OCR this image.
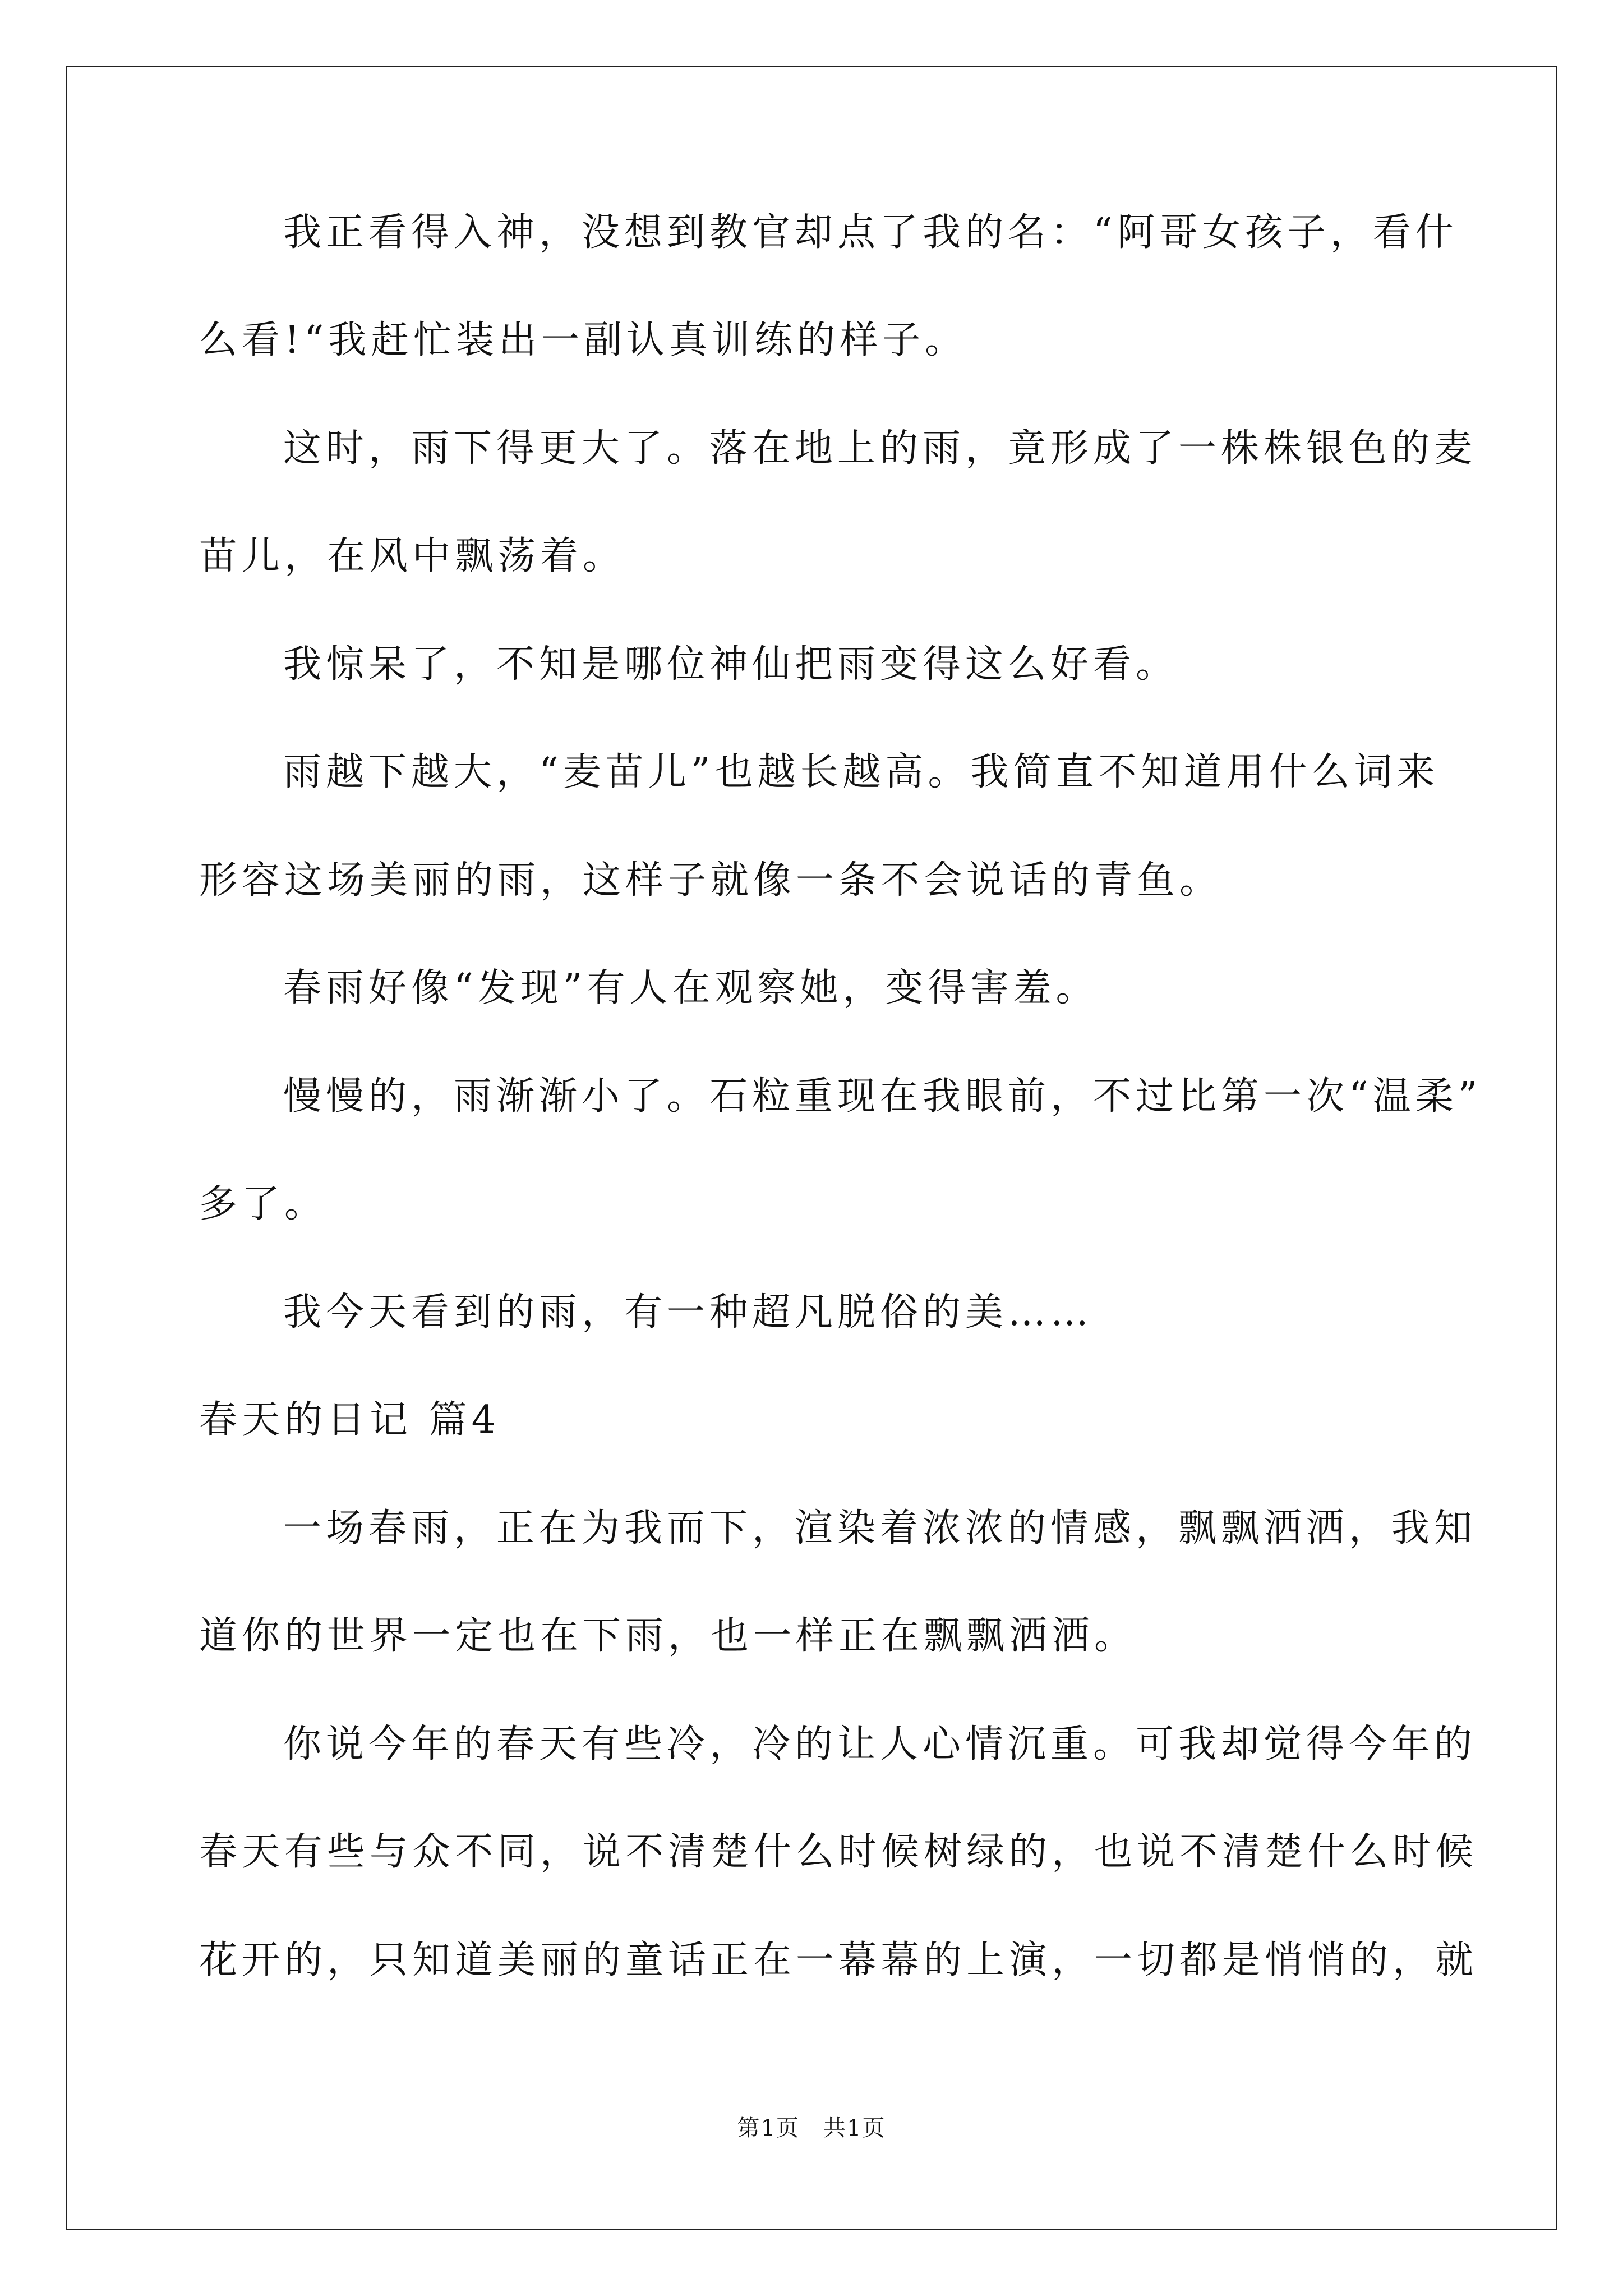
我正看得入神，没想到教官却点了我的名：“阿哥女孩子，看什
么看!“我赶忙装出一副认真训练的样子。
这时，雨下得更大了。落在地上的雨，竟形成了一株株银色的麦
苗儿，在风中飘荡着。
我惊呆了，不知是哪位神仙把雨变得这么好看。
雨越下越大，“麦苗儿”也越长越高。我简直不知道用什么词来
形容这场美丽的雨，这样子就像一条不会说话的青鱼。
春雨好像“发现”有人在观察她，变得害羞。
慢慢的，雨渐渐小了。石粒重现在我眼前，不过比第一次“温柔”
多了。
我今天看到的雨，有一种超凡脱俗的美……
春天的日记 篇4
一场春雨，正在为我而下，渲染着浓浓的情感，飘飘洒洒，我知
道你的世界一定也在下雨，也一样正在飘飘洒洒。
你说今年的春天有些冷，冷的让人心情沉重。可我却觉得今年的
春天有些与众不同，说不清楚什么时候树绿的，也说不清楚什么时候
花开的，只知道美丽的童话正在一幕幕的上演，一切都是悄悄的，就
第1页　共1页
